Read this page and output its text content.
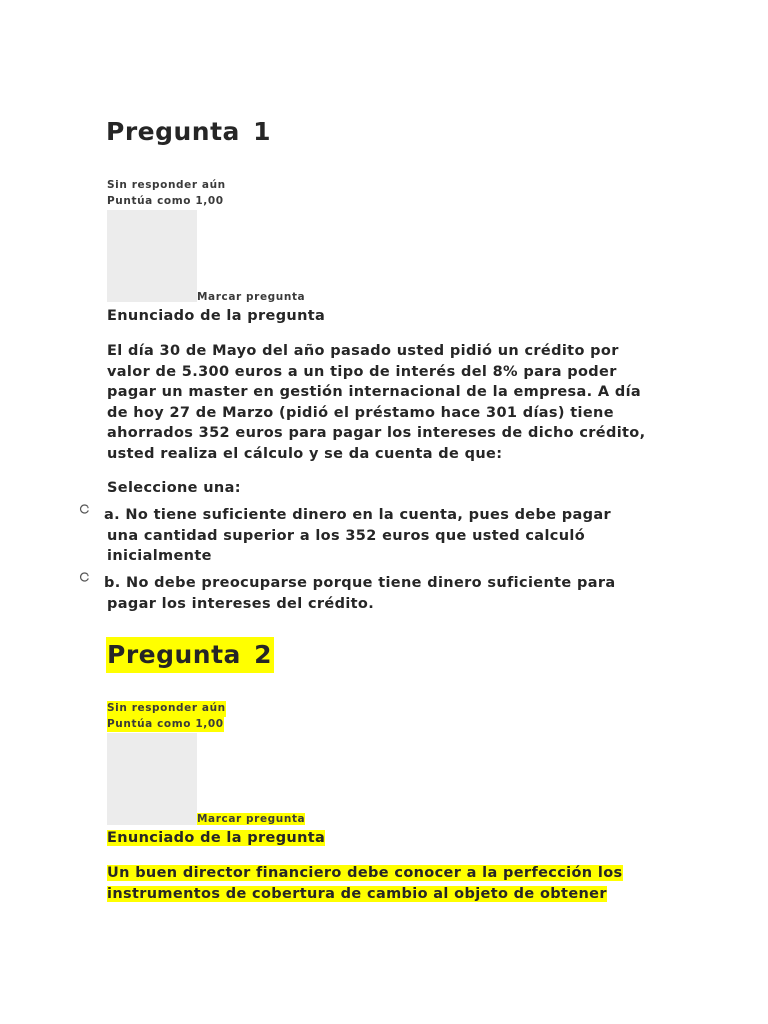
Pregunta 1
Sin responder aún
Puntúa como 1,00
Marcar pregunta
Enunciado de la pregunta
El día 30 de Mayo del año pasado usted pidió un crédito por
valor de 5.300 euros a un tipo de interés del 8% para poder
pagar un master en gestión internacional de la empresa. A día
de hoy 27 de Marzo (pidió el préstamo hace 301 días) tiene
ahorrados 352 euros para pagar los intereses de dicho crédito,
usted realiza el cálculo y se da cuenta de que:
Seleccione una:
a. No tiene suficiente dinero en la cuenta, pues debe pagar
una cantidad superior a los 352 euros que usted calculó
inicialmente
b. No debe preocuparse porque tiene dinero suficiente para
pagar los intereses del crédito.
Pregunta 2
Sin responder aún
Puntúa como 1,00
Marcar pregunta
Enunciado de la pregunta
Un buen director financiero debe conocer a la perfección los
instrumentos de cobertura de cambio al objeto de obtener
